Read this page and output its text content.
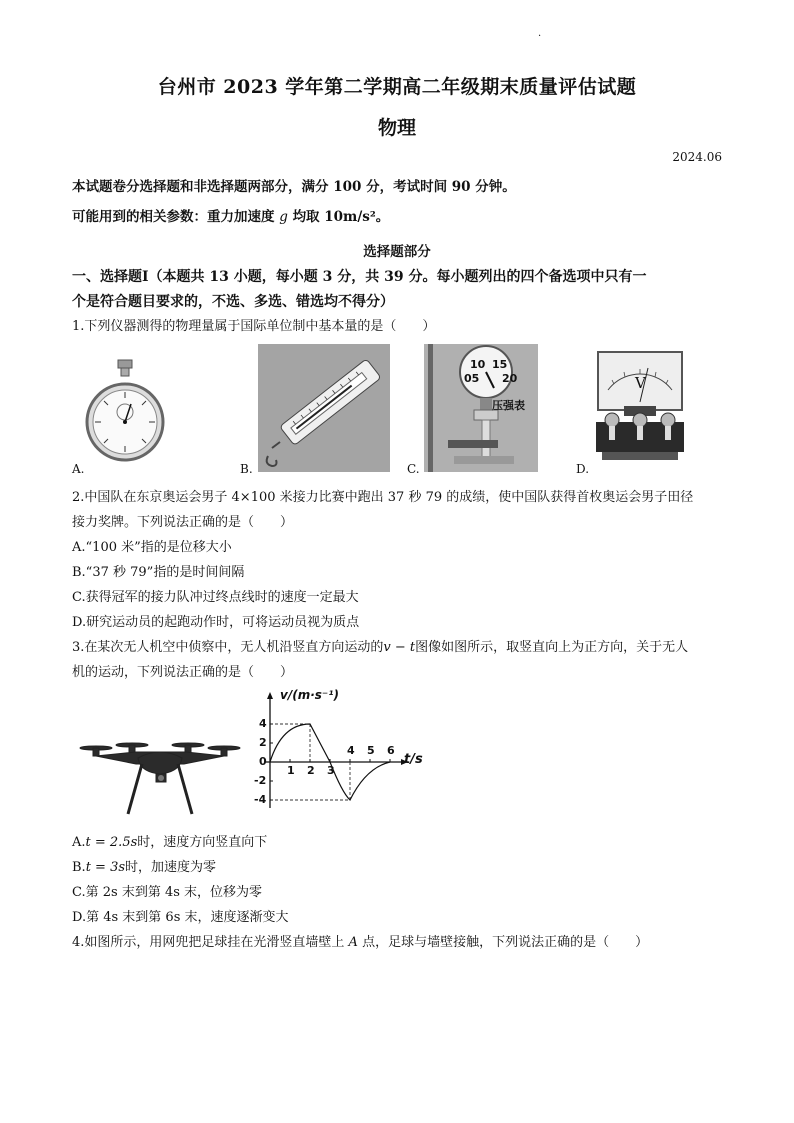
.
台州市 2023 学年第二学期高二年级期末质量评估试题
物理
2024.06
本试题卷分选择题和非选择题两部分，满分 100 分，考试时间 90 分钟。
可能用到的相关参数：重力加速度 g 均取 10m/s²。
选择题部分
一、选择题Ⅰ（本题共 13 小题，每小题 3 分，共 39 分。每小题列出的四个备选项中只有一
个是符合题目要求的，不选、多选、错选均不得分）
1.下列仪器测得的物理量属于国际单位制中基本量的是（　　）
A.	B.
10 15
05 20
压强表
C.
V
D.
2.中国队在东京奥运会男子 4×100 米接力比赛中跑出 37 秒 79 的成绩，使中国队获得首枚奥运会男子田径
接力奖牌。下列说法正确的是（　　）
A.“100 米”指的是位移大小
B.“37 秒 79”指的是时间间隔
C.获得冠军的接力队冲过终点线时的速度一定最大
D.研究运动员的起跑动作时，可将运动员视为质点
3.在某次无人机空中侦察中，无人机沿竖直方向运动的v − t图像如图所示，取竖直向上为正方向，关于无人
机的运动，下列说法正确的是（　　）
1 2 3
4 5 6
4
2
0
-2
-4
v/(m·s⁻¹)
t/s
A.t = 2.5s时，速度方向竖直向下
B.t = 3s时，加速度为零
C.第 2s 末到第 4s 末，位移为零
D.第 4s 末到第 6s 末，速度逐渐变大
4.如图所示，用网兜把足球挂在光滑竖直墙壁上 A 点，足球与墙壁接触，下列说法正确的是（　　）
